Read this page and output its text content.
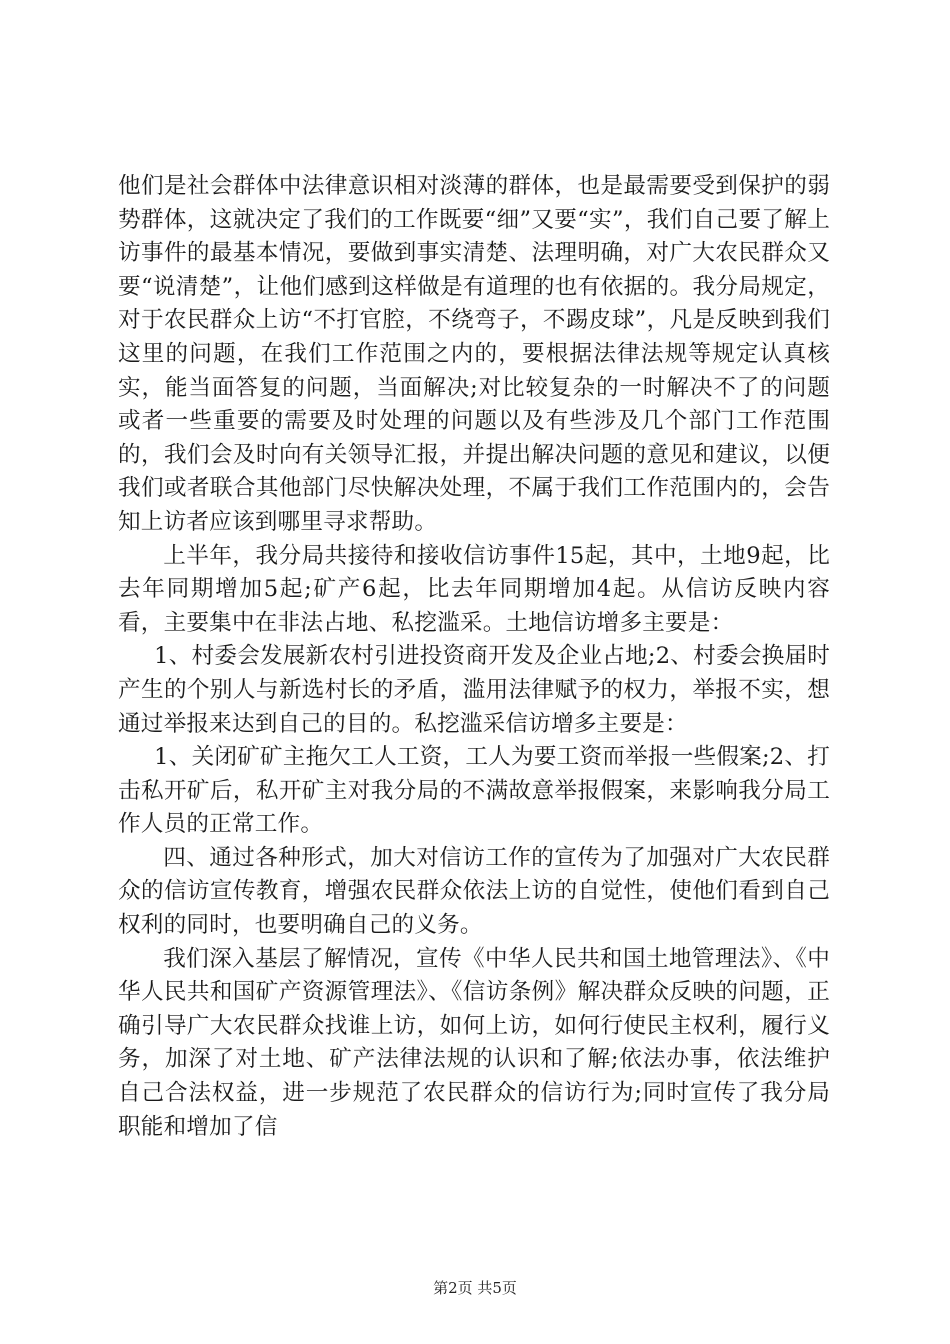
他们是社会群体中法律意识相对淡薄的群体，也是最需要受到保护的弱势群体，这就决定了我们的工作既要“细”又要“实”，我们自己要了解上访事件的最基本情况，要做到事实清楚、法理明确，对广大农民群众又要“说清楚”，让他们感到这样做是有道理的也有依据的。我分局规定，对于农民群众上访“不打官腔，不绕弯子，不踢皮球”，凡是反映到我们这里的问题，在我们工作范围之内的，要根据法律法规等规定认真核实，能当面答复的问题，当面解决;对比较复杂的一时解决不了的问题或者一些重要的需要及时处理的问题以及有些涉及几个部门工作范围的，我们会及时向有关领导汇报，并提出解决问题的意见和建议，以便我们或者联合其他部门尽快解决处理，不属于我们工作范围内的，会告知上访者应该到哪里寻求帮助。

上半年，我分局共接待和接收信访事件15起，其中，土地9起，比去年同期增加5起;矿产6起，比去年同期增加4起。从信访反映内容看，主要集中在非法占地、私挖滥采。土地信访增多主要是：

1、村委会发展新农村引进投资商开发及企业占地;2、村委会换届时产生的个别人与新选村长的矛盾，滥用法律赋予的权力，举报不实，想通过举报来达到自己的目的。私挖滥采信访增多主要是：

1、关闭矿矿主拖欠工人工资，工人为要工资而举报一些假案;2、打击私开矿后，私开矿主对我分局的不满故意举报假案，来影响我分局工作人员的正常工作。

四、通过各种形式，加大对信访工作的宣传为了加强对广大农民群众的信访宣传教育，增强农民群众依法上访的自觉性，使他们看到自己权利的同时，也要明确自己的义务。

我们深入基层了解情况，宣传《中华人民共和国土地管理法》、《中华人民共和国矿产资源管理法》、《信访条例》解决群众反映的问题，正确引导广大农民群众找谁上访，如何上访，如何行使民主权利，履行义务，加深了对土地、矿产法律法规的认识和了解;依法办事，依法维护自己合法权益，进一步规范了农民群众的信访行为;同时宣传了我分局职能和增加了信

第2页 共5页
